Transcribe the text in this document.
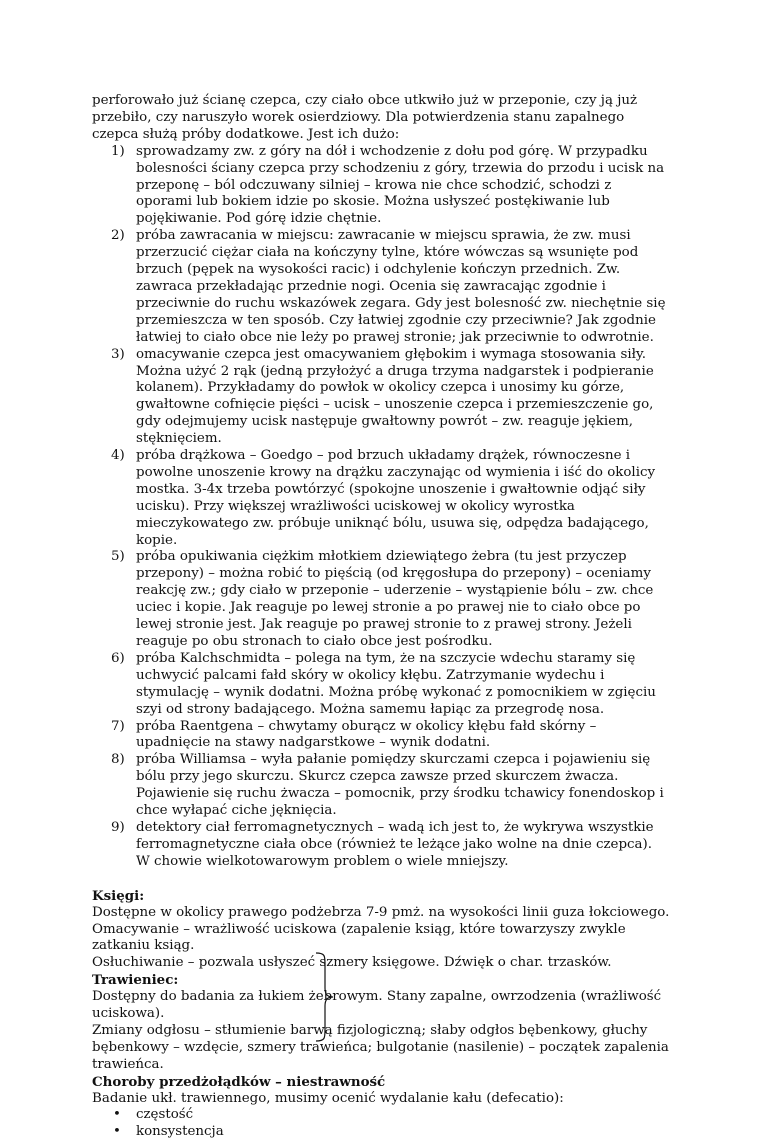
perforowało już ścianę czepca, czy ciało obce utkwiło już w przeponie, czy ją już przebiło, czy naruszyło worek osierdziowy. Dla potwierdzenia stanu zapalnego czepca służą próby dodatkowe. Jest ich dużo:

1) sprowadzamy zw. z góry na dół i wchodzenie z dołu pod górę. W przypadku bolesności ściany czepca przy schodzeniu z góry, trzewia do przodu i ucisk na przeponę – ból odczuwany silniej – krowa nie chce schodzić, schodzi z oporami lub bokiem idzie po skosie. Można usłyszeć postękiwanie lub pojękiwanie. Pod górę idzie chętnie.
2) próba zawracania w miejscu: zawracanie w miejscu sprawia, że zw. musi przerzucić ciężar ciała na kończyny tylne, które wówczas są wsunięte pod brzuch (pępek na wysokości racic) i odchylenie kończyn przednich. Zw. zawraca przekładając przednie nogi. Ocenia się zawracając zgodnie i przeciwnie do ruchu wskazówek zegara. Gdy jest bolesność zw. niechętnie się przemieszcza w ten sposób. Czy łatwiej zgodnie czy przeciwnie? Jak zgodnie łatwiej to ciało obce nie leży po prawej stronie; jak przeciwnie to odwrotnie.
3) omacywanie czepca jest omacywaniem głębokim i wymaga stosowania siły. Można użyć 2 rąk (jedną przyłożyć a druga trzyma nadgarstek i podpieranie kolanem). Przykładamy do powłok w okolicy czepca i unosimy ku górze, gwałtowne cofnięcie pięści – ucisk – unoszenie czepca i przemieszczenie go, gdy odejmujemy ucisk następuje gwałtowny powrót – zw. reaguje jękiem, stęknięciem.
4) próba drążkowa – Goedgo – pod brzuch układamy drążek, równoczesne i powolne unoszenie krowy na drążku zaczynając od wymienia i iść do okolicy mostka. 3-4x trzeba powtórzyć (spokojne unoszenie i gwałtownie odjąć siły ucisku). Przy większej wrażliwości uciskowej w okolicy wyrostka mieczykowatego zw. próbuje uniknąć bólu, usuwa się, odpędza badającego, kopie.
5) próba opukiwania ciężkim młotkiem dziewiątego żebra (tu jest przyczep przepony) – można robić to pięścią (od kręgosłupa do przepony) – oceniamy reakcję zw.; gdy ciało w przeponie – uderzenie – wystąpienie bólu – zw. chce uciec i kopie. Jak reaguje po lewej stronie a po prawej nie to ciało obce po lewej stronie jest. Jak reaguje po prawej stronie to z prawej strony. Jeżeli reaguje po obu stronach to ciało obce jest pośrodku.
6) próba Kalchschmidta – polega na tym, że na szczycie wdechu staramy się uchwycić palcami fałd skóry w okolicy kłębu. Zatrzymanie wydechu i stymulację – wynik dodatni. Można próbę wykonać z pomocnikiem w zgięciu szyi od strony badającego. Można samemu łapiąc za przegrodę nosa.
7) próba Raentgena – chwytamy oburącz w okolicy kłębu fałd skórny – upadnięcie na stawy nadgarstkowe – wynik dodatni.
8) próba Williamsa – wyła pałanie pomiędzy skurczami czepca i pojawieniu się bólu przy jego skurczu. Skurcz czepca zawsze przed skurczem żwacza. Pojawienie się ruchu żwacza – pomocnik, przy środku tchawicy fonendoskop i chce wyłapać ciche jęknięcia.
9) detektory ciał ferromagnetycznych – wadą ich jest to, że wykrywa wszystkie ferromagnetyczne ciała obce (również te leżące jako wolne na dnie czepca). W chowie wielkotowarowym problem o wiele mniejszy.
Księgi:

Dostępne w okolicy prawego podżebrza 7-9 pmż. na wysokości linii guza łokciowego.

Omacywanie – wrażliwość uciskowa (zapalenie ksiąg, które towarzyszy zwykle zatkaniu ksiąg.

Osłuchiwanie – pozwala usłyszeć szmery księgowe. Dźwięk o char. trzasków.

Trawieniec:

Dostępny do badania za łukiem żebrowym. Stany zapalne, owrzodzenia (wrażliwość uciskowa).

Zmiany odgłosu – stłumienie barwą fizjologiczną; słaby odgłos bębenkowy, głuchy bębenkowy – wzdęcie, szmery trawieńca; bulgotanie (nasilenie) – początek zapalenia trawieńca.

Choroby przedżołądków – niestrawność

Badanie ukł. trawiennego, musimy ocenić wydalanie kału (defecatio):

• częstość
• konsystencja
